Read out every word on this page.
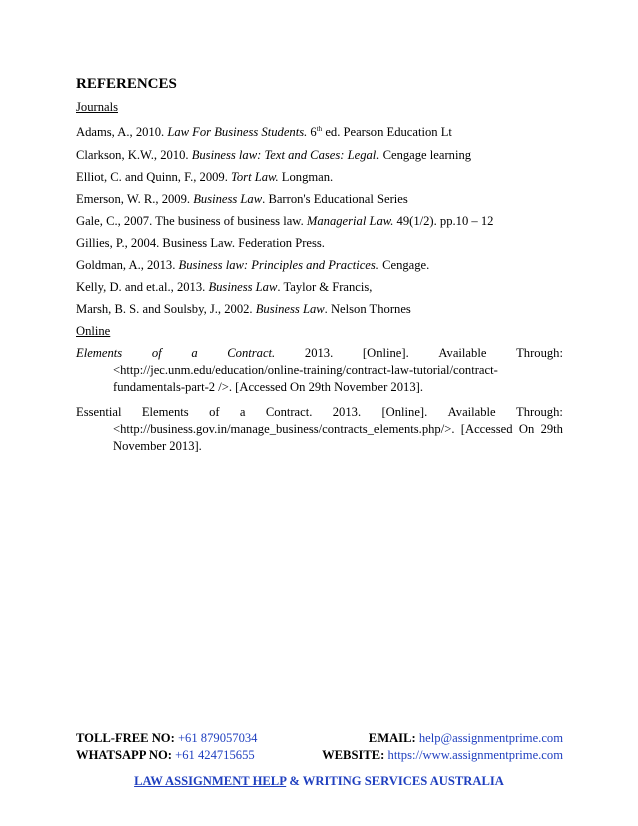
REFERENCES
Journals
Adams, A., 2010. Law For Business Students. 6th ed. Pearson Education Lt
Clarkson, K.W., 2010. Business law: Text and Cases: Legal. Cengage learning
Elliot, C. and Quinn, F., 2009. Tort Law. Longman.
Emerson, W. R., 2009. Business Law. Barron's Educational Series
Gale, C., 2007. The business of business law. Managerial Law. 49(1/2). pp.10 – 12
Gillies, P., 2004. Business Law. Federation Press.
Goldman, A., 2013. Business law: Principles and Practices. Cengage.
Kelly, D. and et.al., 2013. Business Law. Taylor & Francis,
Marsh, B. S. and Soulsby, J., 2002. Business Law. Nelson Thornes
Online
Elements of a Contract. 2013. [Online]. Available Through:
<http://jec.unm.edu/education/online-training/contract-law-tutorial/contract-
fundamentals-part-2 />. [Accessed On 29th November 2013].
Essential Elements of a Contract. 2013. [Online]. Available Through:
<http://business.gov.in/manage_business/contracts_elements.php/>. [Accessed On 29th
November 2013].
TOLL-FREE NO: +61 879057034	EMAIL: help@assignmentprime.com
WHATSAPP NO: +61 424715655	WEBSITE: https://www.assignmentprime.com
LAW ASSIGNMENT HELP & WRITING SERVICES AUSTRALIA
